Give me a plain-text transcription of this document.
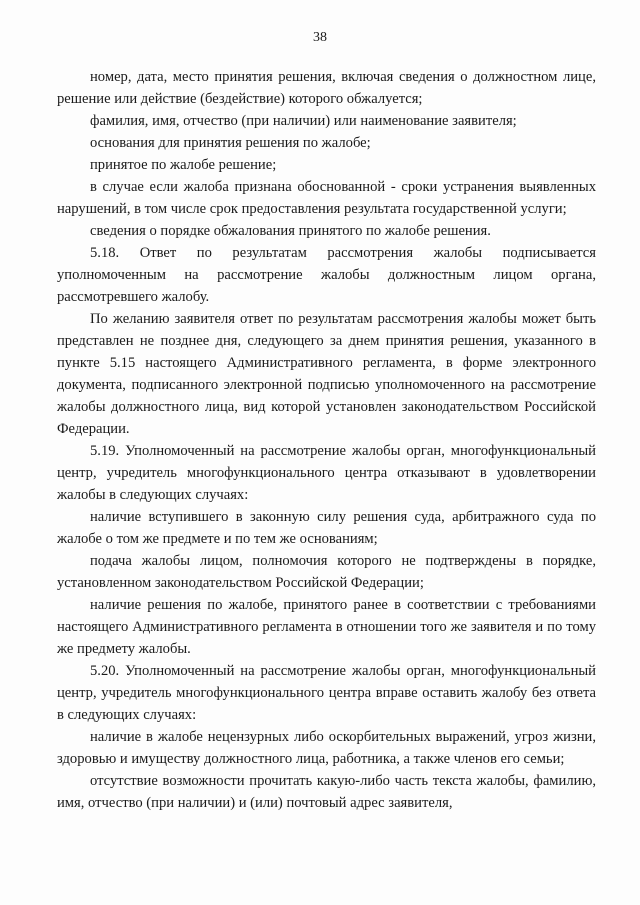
38

номер, дата, место принятия решения, включая сведения о должностном лице, решение или действие (бездействие) которого обжалуется;

фамилия, имя, отчество (при наличии) или наименование заявителя;

основания для принятия решения по жалобе;

принятое по жалобе решение;

в случае если жалоба признана обоснованной - сроки устранения выявленных нарушений, в том числе срок предоставления результата государственной услуги;

сведения о порядке обжалования принятого по жалобе решения.

5.18. Ответ по результатам рассмотрения жалобы подписывается уполномоченным на рассмотрение жалобы должностным лицом органа, рассмотревшего жалобу.

По желанию заявителя ответ по результатам рассмотрения жалобы может быть представлен не позднее дня, следующего за днем принятия решения, указанного в пункте 5.15 настоящего Административного регламента, в форме электронного документа, подписанного электронной подписью уполномоченного на рассмотрение жалобы должностного лица, вид которой установлен законодательством Российской Федерации.

5.19. Уполномоченный на рассмотрение жалобы орган, многофункциональный центр, учредитель многофункционального центра отказывают в удовлетворении жалобы в следующих случаях:

наличие вступившего в законную силу решения суда, арбитражного суда по жалобе о том же предмете и по тем же основаниям;

подача жалобы лицом, полномочия которого не подтверждены в порядке, установленном законодательством Российской Федерации;

наличие решения по жалобе, принятого ранее в соответствии с требованиями настоящего Административного регламента в отношении того же заявителя и по тому же предмету жалобы.

5.20. Уполномоченный на рассмотрение жалобы орган, многофункциональный центр, учредитель многофункционального центра вправе оставить жалобу без ответа в следующих случаях:

наличие в жалобе нецензурных либо оскорбительных выражений, угроз жизни, здоровью и имуществу должностного лица, работника, а также членов его семьи;

отсутствие возможности прочитать какую-либо часть текста жалобы, фамилию, имя, отчество (при наличии) и (или) почтовый адрес заявителя,
